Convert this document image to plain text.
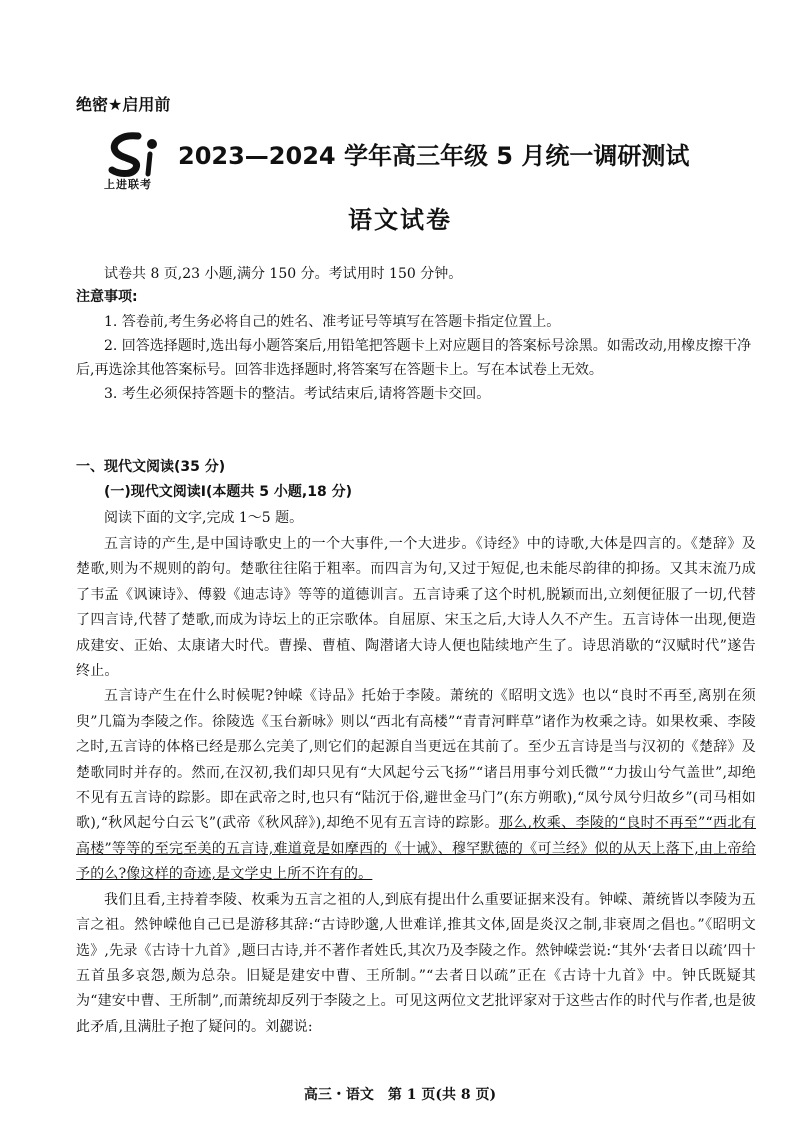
绝密★启用前
上进联考
2023—2024 学年高三年级 5 月统一调研测试
语文试卷
试卷共 8 页,23 小题,满分 150 分。考试用时 150 分钟。
注意事项:

1. 答卷前,考生务必将自己的姓名、准考证号等填写在答题卡指定位置上。

2. 回答选择题时,选出每小题答案后,用铅笔把答题卡上对应题目的答案标号涂黑。如需改动,用橡皮擦干净后,再选涂其他答案标号。回答非选择题时,将答案写在答题卡上。写在本试卷上无效。

3. 考生必须保持答题卡的整洁。考试结束后,请将答题卡交回。

一、现代文阅读(35 分)
(一)现代文阅读Ⅰ(本题共 5 小题,18 分)
阅读下面的文字,完成 1～5 题。

五言诗的产生,是中国诗歌史上的一个大事件,一个大进步。《诗经》中的诗歌,大体是四言的。《楚辞》及楚歌,则为不规则的韵句。楚歌往往陷于粗率。而四言为句,又过于短促,也未能尽韵律的抑扬。又其末流乃成了韦孟《讽谏诗》、傅毅《迪志诗》等等的道德训言。五言诗乘了这个时机,脱颖而出,立刻便征服了一切,代替了四言诗,代替了楚歌,而成为诗坛上的正宗歌体。自屈原、宋玉之后,大诗人久不产生。五言诗体一出现,便造成建安、正始、太康诸大时代。曹操、曹植、陶潜诸大诗人便也陆续地产生了。诗思消歇的“汉赋时代”遂告终止。

五言诗产生在什么时候呢?钟嵘《诗品》托始于李陵。萧统的《昭明文选》也以“良时不再至,离别在须臾”几篇为李陵之作。徐陵选《玉台新咏》则以“西北有高楼”“青青河畔草”诸作为枚乘之诗。如果枚乘、李陵之时,五言诗的体格已经是那么完美了,则它们的起源自当更远在其前了。至少五言诗是当与汉初的《楚辞》及楚歌同时并存的。然而,在汉初,我们却只见有“大风起兮云飞扬”“诸吕用事兮刘氏微”“力拔山兮气盖世”,却绝不见有五言诗的踪影。即在武帝之时,也只有“陆沉于俗,避世金马门”(东方朔歌),“凤兮凤兮归故乡”(司马相如歌),“秋风起兮白云飞”(武帝《秋风辞》),却绝不见有五言诗的踪影。那么,枚乘、李陵的“良时不再至”“西北有高楼”等等的至完至美的五言诗,难道竟是如摩西的《十诫》、穆罕默德的《可兰经》似的从天上落下,由上帝给予的么?像这样的奇迹,是文学史上所不许有的。

我们且看,主持着李陵、枚乘为五言之祖的人,到底有提出什么重要证据来没有。钟嵘、萧统皆以李陵为五言之祖。然钟嵘他自己已是游移其辞:“古诗眇邈,人世难详,推其文体,固是炎汉之制,非衰周之倡也。”《昭明文选》,先录《古诗十九首》,题曰古诗,并不著作者姓氏,其次乃及李陵之作。然钟嵘尝说:“其外‘去者日以疏’四十五首虽多哀怨,颇为总杂。旧疑是建安中曹、王所制。”“去者日以疏”正在《古诗十九首》中。钟氏既疑其为“建安中曹、王所制”,而萧统却反列于李陵之上。可见这两位文艺批评家对于这些古作的时代与作者,也是彼此矛盾,且满肚子抱了疑问的。刘勰说:

高三・语文　第 1 页(共 8 页)
